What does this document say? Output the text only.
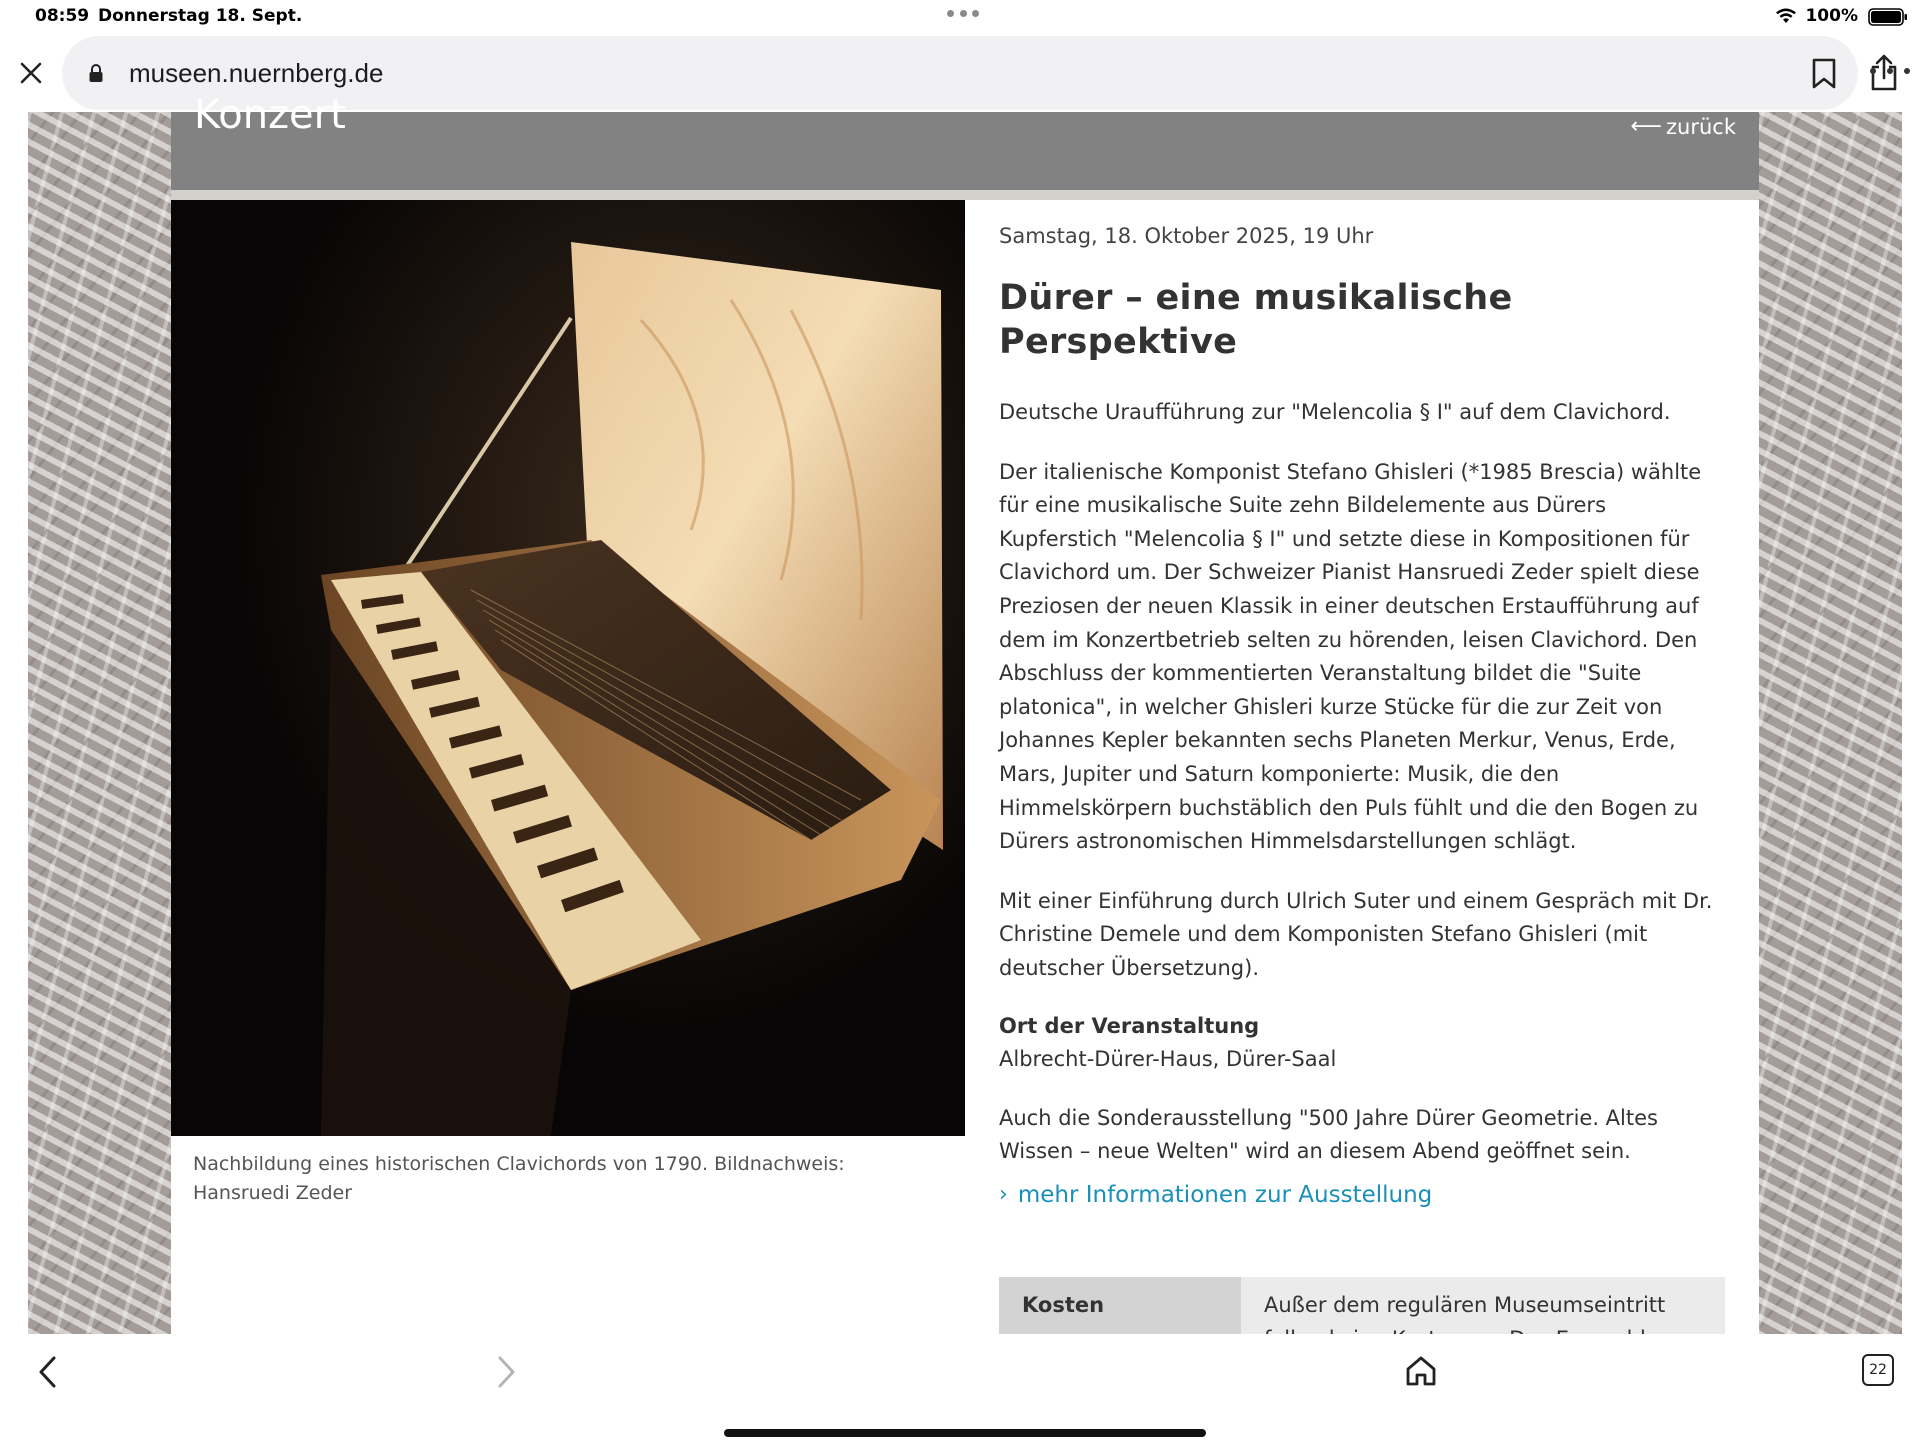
08:59 Donnerstag 18. Sept.	100%
museen.nuernberg.de
Konzert	⟵ zurück

Nachbildung eines historischen Clavichords von 1790. Bildnachweis: Hansruedi Zeder

Samstag, 18. Oktober 2025, 19 Uhr

Dürer – eine musikalische Perspektive

Deutsche Uraufführung zur "Melencolia § I" auf dem Clavichord.

Der italienische Komponist Stefano Ghisleri (*1985 Brescia) wählte für eine musikalische Suite zehn Bildelemente aus Dürers Kupferstich "Melencolia § I" und setzte diese in Kompositionen für Clavichord um. Der Schweizer Pianist Hansruedi Zeder spielt diese Preziosen der neuen Klassik in einer deutschen Erstaufführung auf dem im Konzertbetrieb selten zu hörenden, leisen Clavichord. Den Abschluss der kommentierten Veranstaltung bildet die "Suite platonica", in welcher Ghisleri kurze Stücke für die zur Zeit von Johannes Kepler bekannten sechs Planeten Merkur, Venus, Erde, Mars, Jupiter und Saturn komponierte: Musik, die den Himmelskörpern buchstäblich den Puls fühlt und die den Bogen zu Dürers astronomischen Himmelsdarstellungen schlägt.

Mit einer Einführung durch Ulrich Suter und einem Gespräch mit Dr. Christine Demele und dem Komponisten Stefano Ghisleri (mit deutscher Übersetzung).

Ort der Veranstaltung

Albrecht-Dürer-Haus, Dürer-Saal

Auch die Sonderausstellung "500 Jahre Dürer Geometrie. Altes Wissen – neue Welten" wird an diesem Abend geöffnet sein.

› mehr Informationen zur Ausstellung
Kosten	Außer dem regulären Museumseintritt
22
